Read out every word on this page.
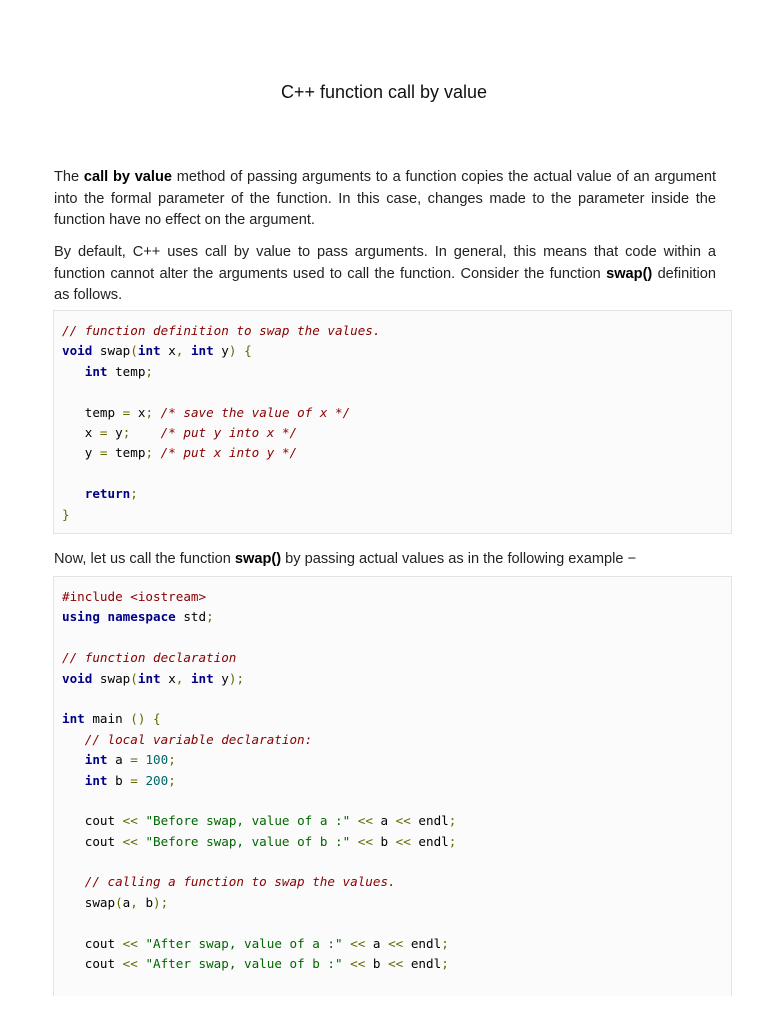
C++ function call by value
The call by value method of passing arguments to a function copies the actual value of an argument into the formal parameter of the function. In this case, changes made to the parameter inside the function have no effect on the argument.
By default, C++ uses call by value to pass arguments. In general, this means that code within a function cannot alter the arguments used to call the function. Consider the function swap() definition as follows.
// function definition to swap the values.
void swap(int x, int y) {
int temp;

temp = x; /* save the value of x */
x = y; /* put y into x */
y = temp; /* put x into y */

return;
}
Now, let us call the function swap() by passing actual values as in the following example −
#include <iostream>
using namespace std;

// function declaration
void swap(int x, int y);

int main () {
// local variable declaration:
int a = 100;
int b = 200;

cout << "Before swap, value of a :" << a << endl;
cout << "Before swap, value of b :" << b << endl;

// calling a function to swap the values.
swap(a, b);

cout << "After swap, value of a :" << a << endl;
cout << "After swap, value of b :" << b << endl;
